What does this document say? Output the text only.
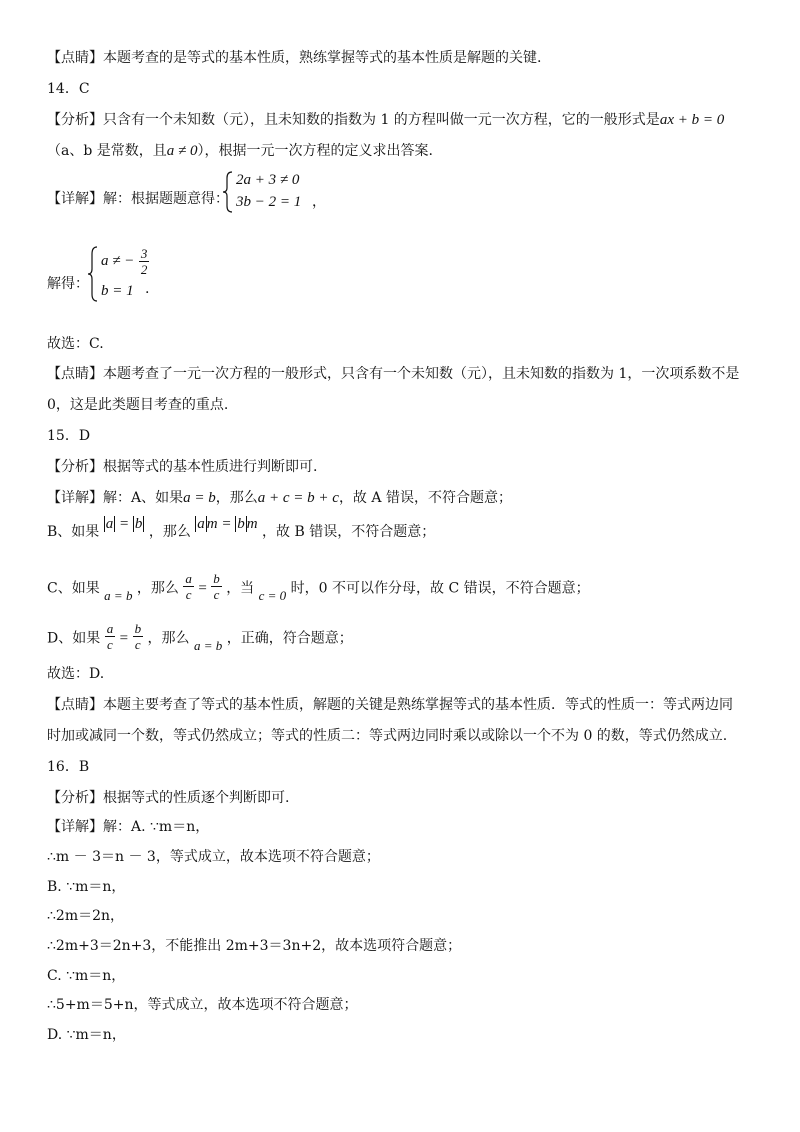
【点睛】本题考查的是等式的基本性质，熟练掌握等式的基本性质是解题的关键.
14．C
【分析】只含有一个未知数（元），且未知数的指数为 1 的方程叫做一元一次方程，它的一般形式是ax + b = 0
（a、b 是常数，且a ≠ 0），根据一元一次方程的定义求出答案.
【详解】解：根据题题意得：
2a + 3 ≠ 0
3b − 2 = 1 ，
解得：
a ≠ − $\frac{3}{2}$
b = 1 .
故选：C.
【点睛】本题考查了一元一次方程的一般形式，只含有一个未知数（元），且未知数的指数为 1，一次项系数不是
0，这是此类题目考查的重点.
15．D
【分析】根据等式的基本性质进行判断即可.
【详解】解：A、如果a = b，那么a + c = b + c，故 A 错误，不符合题意；
B、如果 a = b ，那么 a m = b m ，故 B 错误，不符合题意；
C、如果 a = b ，那么 $\frac{a}{c} = \frac{b}{c}$ ，当 c = 0 时，0 不可以作分母，故 C 错误，不符合题意；
D、如果 $\frac{a}{c} = \frac{b}{c}$ ，那么 a = b ，正确，符合题意；
故选：D.
【点睛】本题主要考查了等式的基本性质，解题的关键是熟练掌握等式的基本性质．等式的性质一：等式两边同
时加或减同一个数，等式仍然成立；等式的性质二：等式两边同时乘以或除以一个不为 0 的数，等式仍然成立.
16．B
【分析】根据等式的性质逐个判断即可.
【详解】解：A. ∵m＝n，
∴m － 3＝n － 3，等式成立，故本选项不符合题意；
B. ∵m＝n，
∴2m＝2n，
∴2m+3＝2n+3，不能推出 2m+3＝3n+2，故本选项符合题意；
C. ∵m＝n，
∴5+m＝5+n，等式成立，故本选项不符合题意；
D. ∵m＝n，
